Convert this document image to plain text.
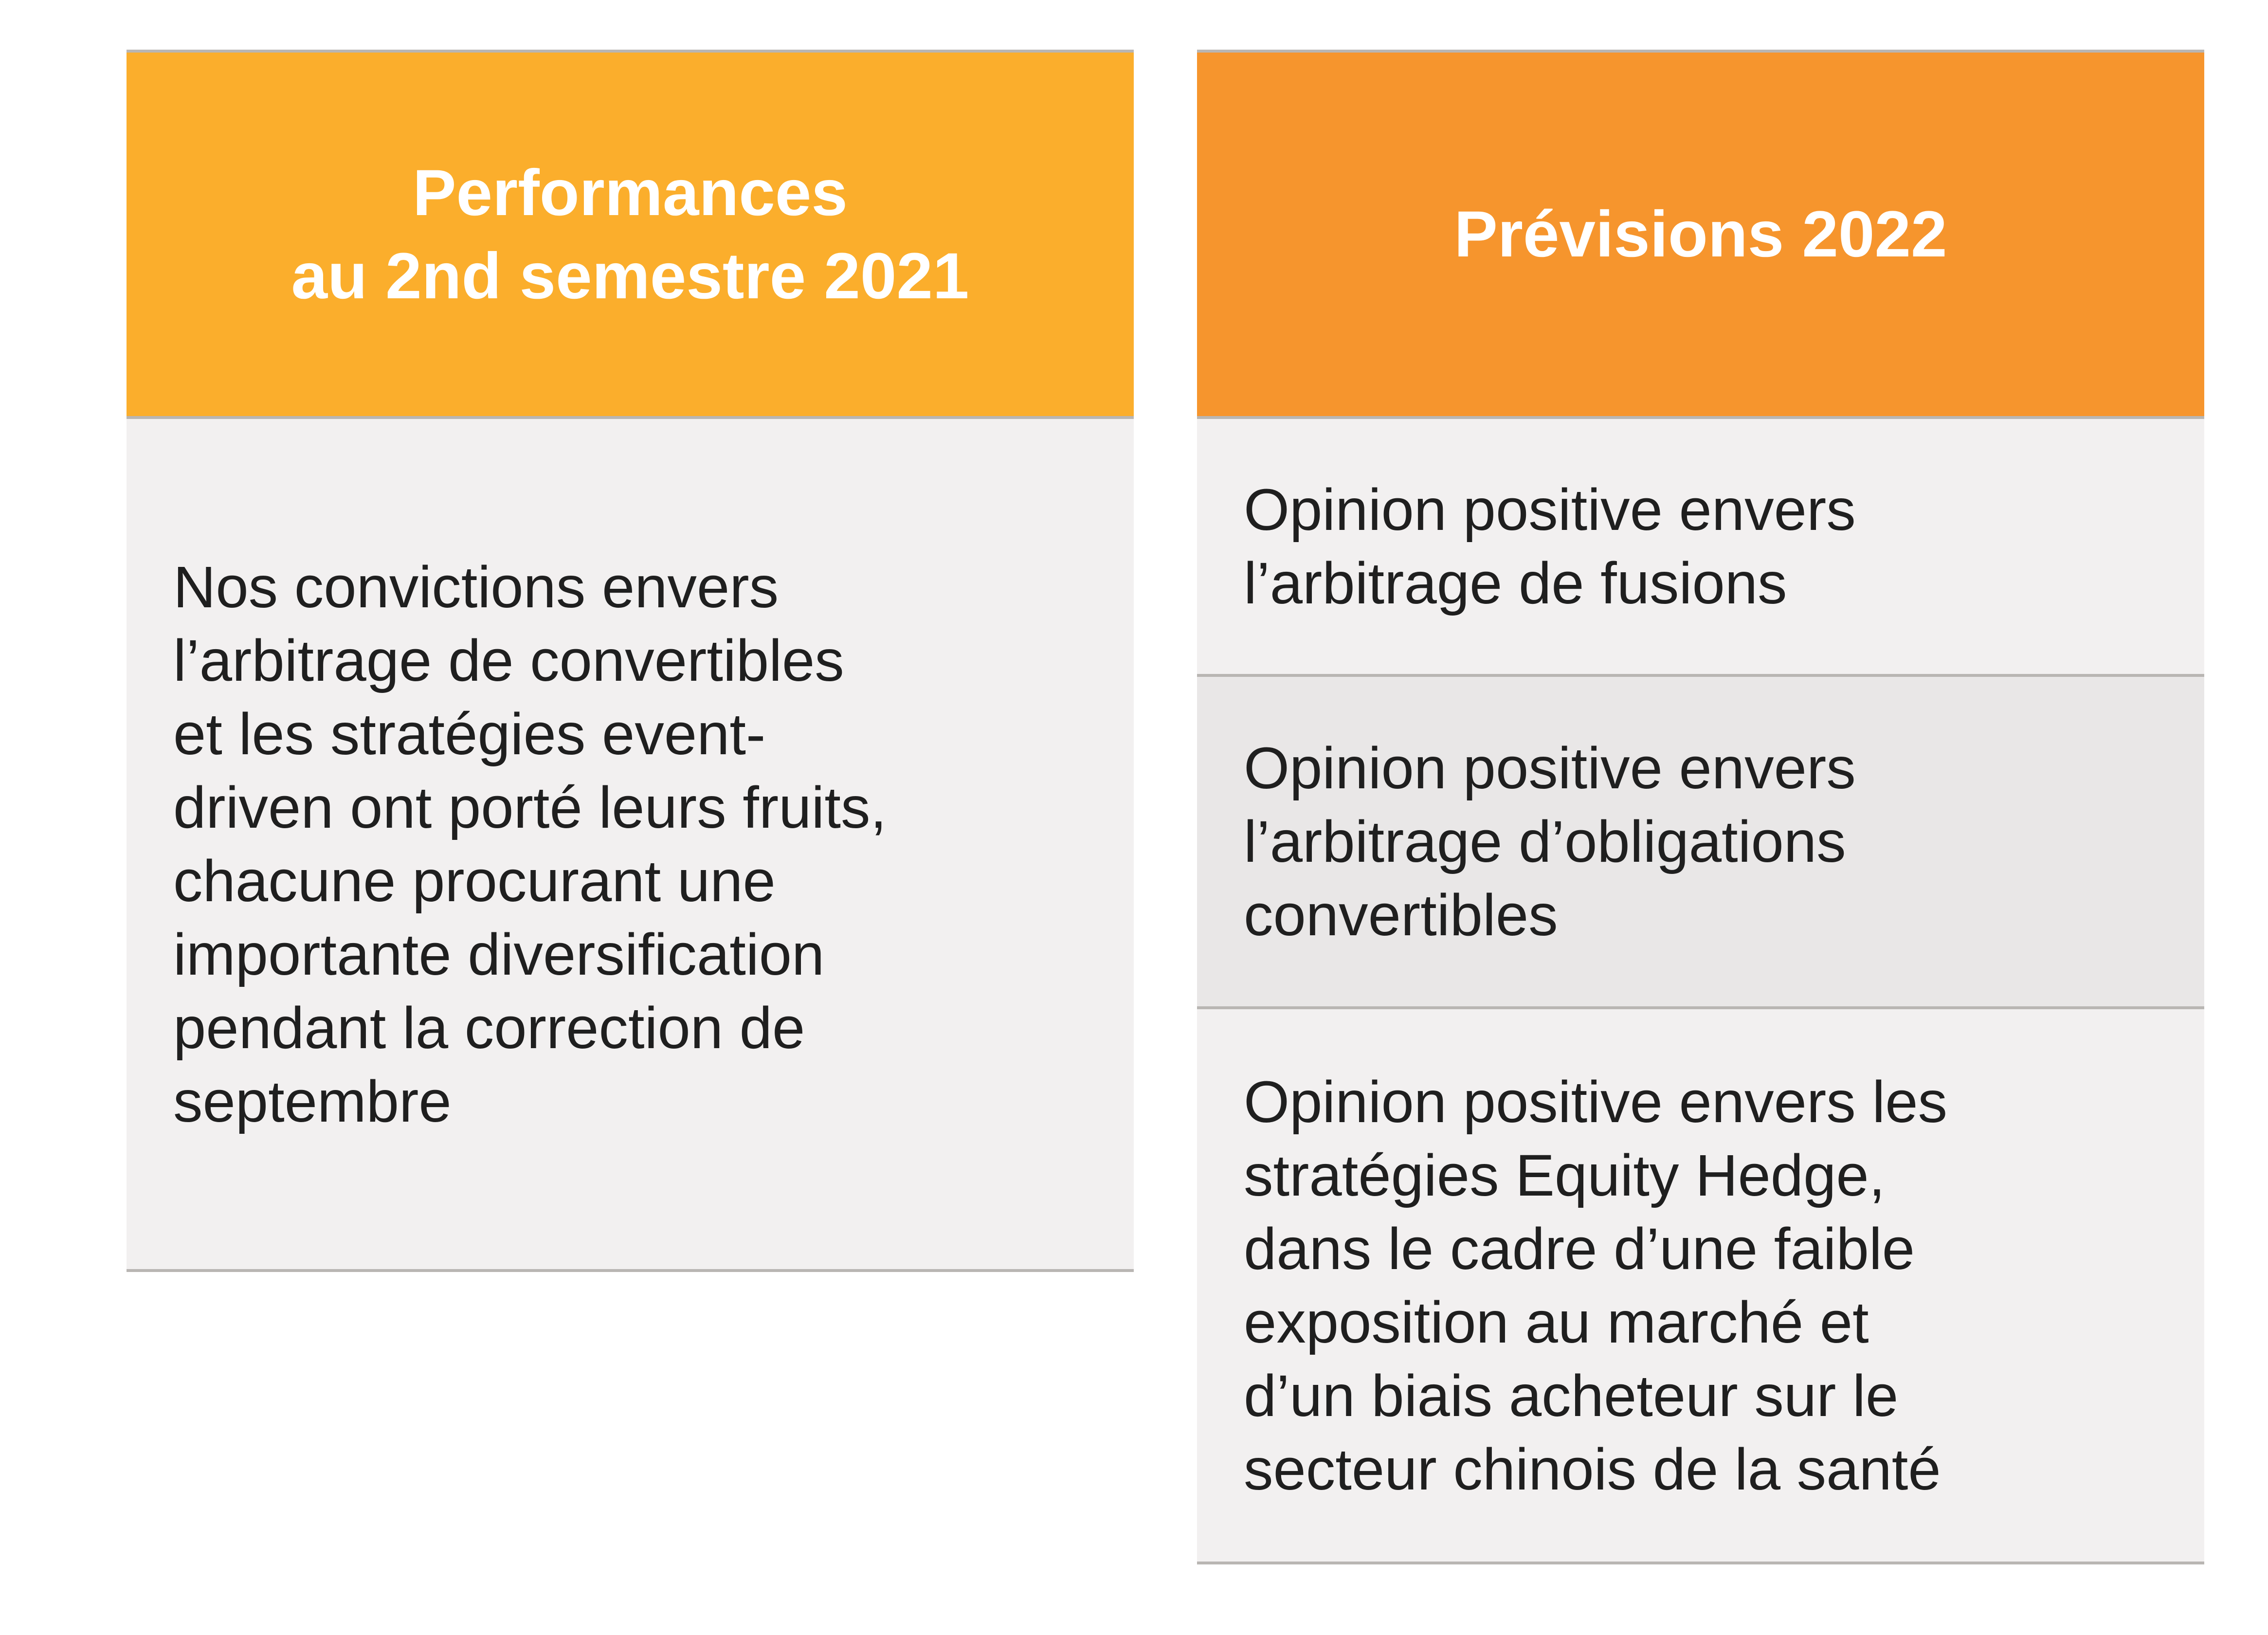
Performances
au 2nd semestre 2021
Nos convictions envers
l’arbitrage de convertibles
et les stratégies event-
driven ont porté leurs fruits,
chacune procurant une
importante diversification
pendant la correction de
septembre
Prévisions 2022
Opinion positive envers
l’arbitrage de fusions
Opinion positive envers
l’arbitrage d’obligations
convertibles
Opinion positive envers les
stratégies Equity Hedge,
dans le cadre d’une faible
exposition au marché et
d’un biais acheteur sur le
secteur chinois de la santé
